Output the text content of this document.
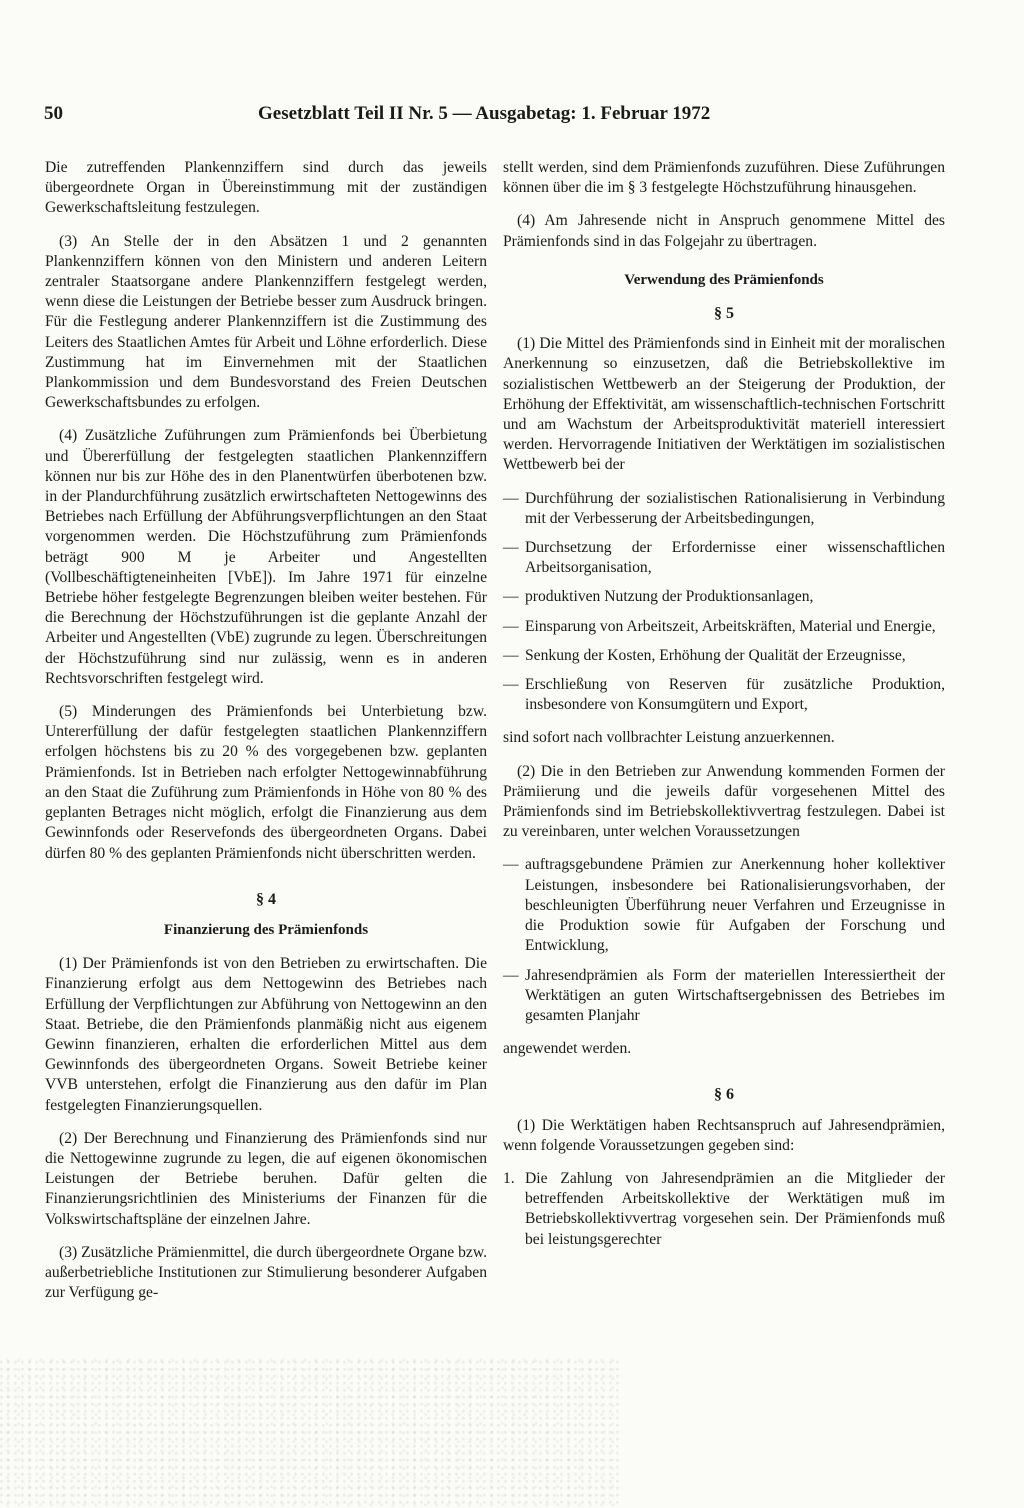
50	Gesetzblatt Teil II Nr. 5 — Ausgabetag: 1. Februar 1972

Die zutreffenden Plankennziffern sind durch das jeweils übergeordnete Organ in Übereinstimmung mit der zuständigen Gewerkschaftsleitung festzulegen.

(3) An Stelle der in den Absätzen 1 und 2 genannten Plankennziffern können von den Ministern und anderen Leitern zentraler Staatsorgane andere Plankennziffern festgelegt werden, wenn diese die Leistungen der Betriebe besser zum Ausdruck bringen. Für die Festlegung anderer Plankennziffern ist die Zustimmung des Leiters des Staatlichen Amtes für Arbeit und Löhne erforderlich. Diese Zustimmung hat im Einvernehmen mit der Staatlichen Plankommission und dem Bundesvorstand des Freien Deutschen Gewerkschaftsbundes zu erfolgen.

(4) Zusätzliche Zuführungen zum Prämienfonds bei Überbietung und Übererfüllung der festgelegten staatlichen Plankennziffern können nur bis zur Höhe des in den Planentwürfen überbotenen bzw. in der Plandurchführung zusätzlich erwirtschafteten Nettogewinns des Betriebes nach Erfüllung der Abführungsverpflichtungen an den Staat vorgenommen werden. Die Höchstzuführung zum Prämienfonds beträgt 900 M je Arbeiter und Angestellten (Vollbeschäftigteneinheiten [VbE]). Im Jahre 1971 für einzelne Betriebe höher festgelegte Begrenzungen bleiben weiter bestehen. Für die Berechnung der Höchstzuführungen ist die geplante Anzahl der Arbeiter und Angestellten (VbE) zugrunde zu legen. Überschreitungen der Höchstzuführung sind nur zulässig, wenn es in anderen Rechtsvorschriften festgelegt wird.

(5) Minderungen des Prämienfonds bei Unterbietung bzw. Untererfüllung der dafür festgelegten staatlichen Plankennziffern erfolgen höchstens bis zu 20 % des vorgegebenen bzw. geplanten Prämienfonds. Ist in Betrieben nach erfolgter Nettogewinnabführung an den Staat die Zuführung zum Prämienfonds in Höhe von 80 % des geplanten Betrages nicht möglich, erfolgt die Finanzierung aus dem Gewinnfonds oder Reservefonds des übergeordneten Organs. Dabei dürfen 80 % des geplanten Prämienfonds nicht überschritten werden.

§ 4
Finanzierung des Prämienfonds

(1) Der Prämienfonds ist von den Betrieben zu erwirtschaften. Die Finanzierung erfolgt aus dem Nettogewinn des Betriebes nach Erfüllung der Verpflichtungen zur Abführung von Nettogewinn an den Staat. Betriebe, die den Prämienfonds planmäßig nicht aus eigenem Gewinn finanzieren, erhalten die erforderlichen Mittel aus dem Gewinnfonds des übergeordneten Organs. Soweit Betriebe keiner VVB unterstehen, erfolgt die Finanzierung aus den dafür im Plan festgelegten Finanzierungsquellen.

(2) Der Berechnung und Finanzierung des Prämienfonds sind nur die Nettogewinne zugrunde zu legen, die auf eigenen ökonomischen Leistungen der Betriebe beruhen. Dafür gelten die Finanzierungsrichtlinien des Ministeriums der Finanzen für die Volkswirtschaftspläne der einzelnen Jahre.

(3) Zusätzliche Prämienmittel, die durch übergeordnete Organe bzw. außerbetriebliche Institutionen zur Stimulierung besonderer Aufgaben zur Verfügung ge-

stellt werden, sind dem Prämienfonds zuzuführen. Diese Zuführungen können über die im § 3 festgelegte Höchstzuführung hinausgehen.

(4) Am Jahresende nicht in Anspruch genommene Mittel des Prämienfonds sind in das Folgejahr zu übertragen.

Verwendung des Prämienfonds
§ 5

(1) Die Mittel des Prämienfonds sind in Einheit mit der moralischen Anerkennung so einzusetzen, daß die Betriebskollektive im sozialistischen Wettbewerb an der Steigerung der Produktion, der Erhöhung der Effektivität, am wissenschaftlich-technischen Fortschritt und am Wachstum der Arbeitsproduktivität materiell interessiert werden. Hervorragende Initiativen der Werktätigen im sozialistischen Wettbewerb bei der

— Durchführung der sozialistischen Rationalisierung in Verbindung mit der Verbesserung der Arbeitsbedingungen,
— Durchsetzung der Erfordernisse einer wissenschaftlichen Arbeitsorganisation,
— produktiven Nutzung der Produktionsanlagen,
— Einsparung von Arbeitszeit, Arbeitskräften, Material und Energie,
— Senkung der Kosten, Erhöhung der Qualität der Erzeugnisse,
— Erschließung von Reserven für zusätzliche Produktion, insbesondere von Konsumgütern und Export,

sind sofort nach vollbrachter Leistung anzuerkennen.

(2) Die in den Betrieben zur Anwendung kommenden Formen der Prämiierung und die jeweils dafür vorgesehenen Mittel des Prämienfonds sind im Betriebskollektivvertrag festzulegen. Dabei ist zu vereinbaren, unter welchen Voraussetzungen

— auftragsgebundene Prämien zur Anerkennung hoher kollektiver Leistungen, insbesondere bei Rationalisierungsvorhaben, der beschleunigten Überführung neuer Verfahren und Erzeugnisse in die Produktion sowie für Aufgaben der Forschung und Entwicklung,
— Jahresendprämien als Form der materiellen Interessiertheit der Werktätigen an guten Wirtschaftsergebnissen des Betriebes im gesamten Planjahr

angewendet werden.

§ 6

(1) Die Werktätigen haben Rechtsanspruch auf Jahresendprämien, wenn folgende Voraussetzungen gegeben sind:

1. Die Zahlung von Jahresendprämien an die Mitglieder der betreffenden Arbeitskollektive der Werktätigen muß im Betriebskollektivvertrag vorgesehen sein. Der Prämienfonds muß bei leistungsgerechter
